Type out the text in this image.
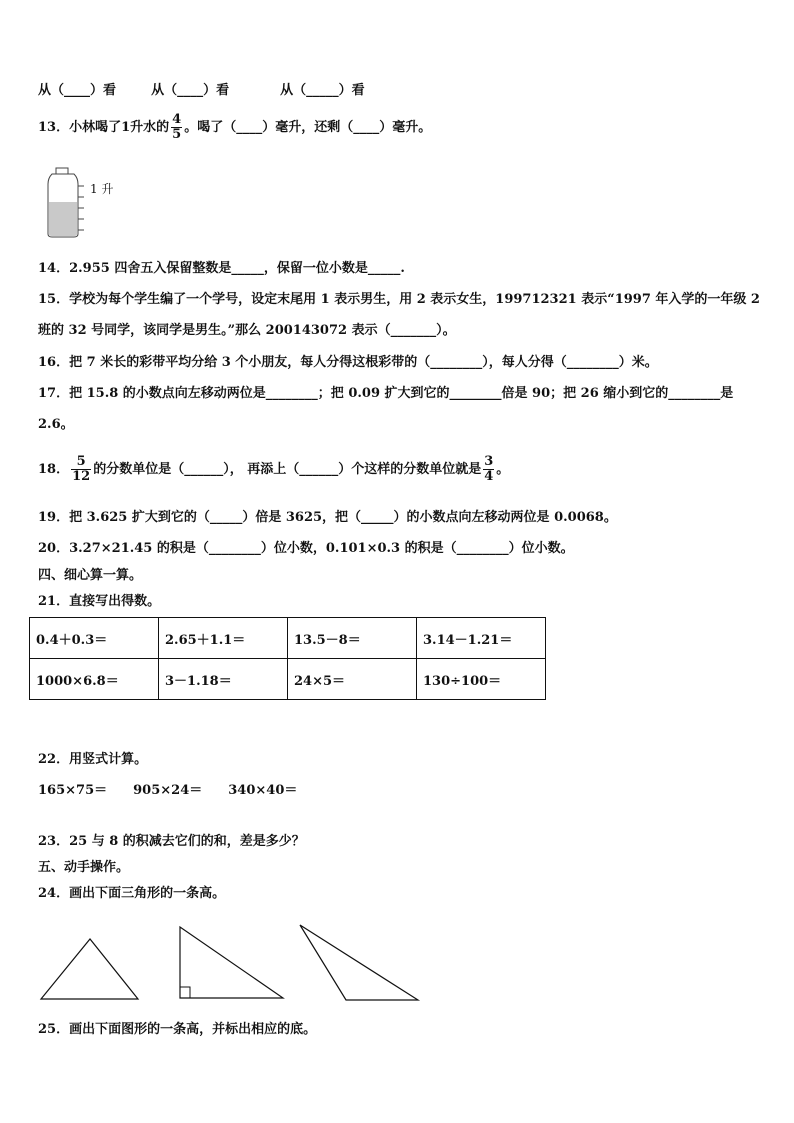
从（____）看	从（____）看	从（_____）看
13．小林喝了1升水的 $\frac{4}{5}$ 。喝了（____）毫升，还剩（____）毫升。
1 升
14．2.955 四舍五入保留整数是_____，保留一位小数是_____.
15．学校为每个学生编了一个学号，设定末尾用 1 表示男生，用 2 表示女生，199712321 表示“1997 年入学的一年级 2
班的 32 号同学，该同学是男生。”那么 200143072 表示（_______）。
16．把 7 米长的彩带平均分给 3 个小朋友，每人分得这根彩带的（________），每人分得（________）米。
17．把 15.8 的小数点向左移动两位是________；把 0.09 扩大到它的________倍是 90；把 26 缩小到它的________是
2.6。
18． $\frac{5}{12}$ 的分数单位是（______）， 再添上（______）个这样的分数单位就是 $\frac{3}{4}$ 。
19．把 3.625 扩大到它的（_____）倍是 3625，把（_____）的小数点向左移动两位是 0.0068。
20．3.27×21.45 的积是（________）位小数，0.101×0.3 的积是（________）位小数。
四、细心算一算。
21．直接写出得数。
0.4＋0.3＝	2.65＋1.1＝	13.5－8＝	3.14－1.21＝
1000×6.8＝	3－1.18＝	24×5＝	130÷100＝
22．用竖式计算。
165×75＝ 905×24＝ 340×40＝
23．25 与 8 的积减去它们的和，差是多少？
五、动手操作。
24．画出下面三角形的一条高。
25．画出下面图形的一条高，并标出相应的底。
